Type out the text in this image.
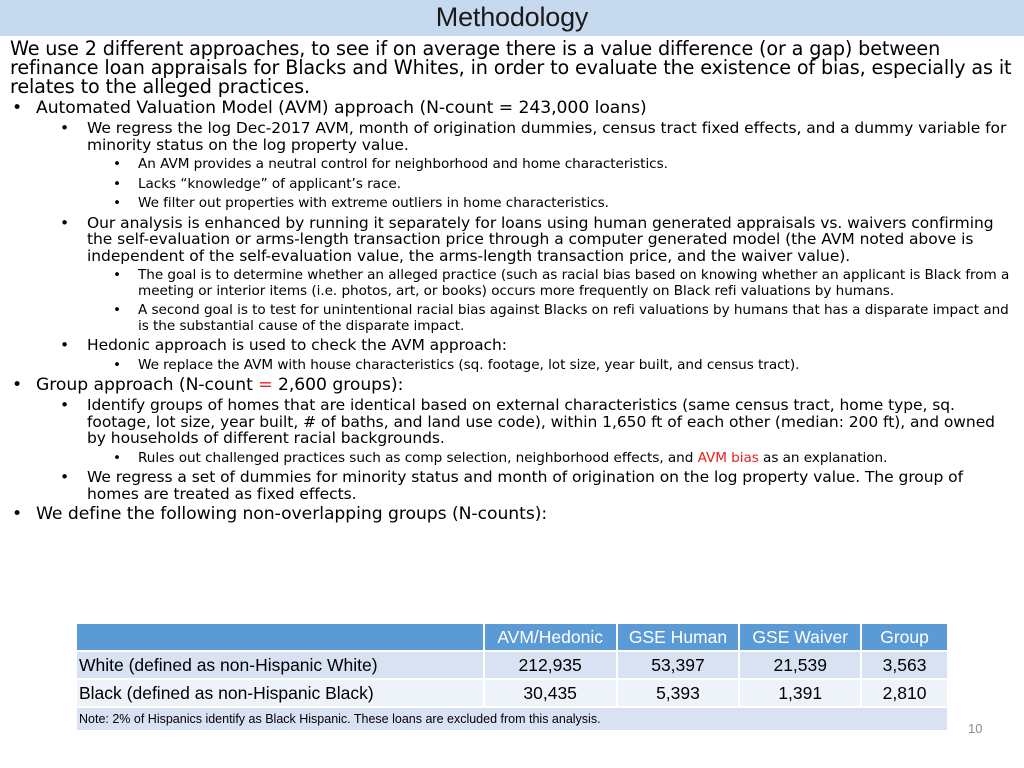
Methodology

We use 2 different approaches, to see if on average there is a value difference (or a gap) between refinance loan appraisals for Blacks and Whites, in order to evaluate the existence of bias, especially as it relates to the alleged practices.

• Automated Valuation Model (AVM) approach (N-count = 243,000 loans)
• We regress the log Dec-2017 AVM, month of origination dummies, census tract fixed effects, and a dummy variable for minority status on the log property value.
• An AVM provides a neutral control for neighborhood and home characteristics.
• Lacks “knowledge” of applicant’s race.
• We filter out properties with extreme outliers in home characteristics.
• Our analysis is enhanced by running it separately for loans using human generated appraisals vs. waivers confirming the self-evaluation or arms-length transaction price through a computer generated model (the AVM noted above is independent of the self-evaluation value, the arms-length transaction price, and the waiver value).
• The goal is to determine whether an alleged practice (such as racial bias based on knowing whether an applicant is Black from a meeting or interior items (i.e. photos, art, or books) occurs more frequently on Black refi valuations by humans.
• A second goal is to test for unintentional racial bias against Blacks on refi valuations by humans that has a disparate impact and is the substantial cause of the disparate impact.
• Hedonic approach is used to check the AVM approach:
• We replace the AVM with house characteristics (sq. footage, lot size, year built, and census tract).
• Group approach (N-count = 2,600 groups):
• Identify groups of homes that are identical based on external characteristics (same census tract, home type, sq. footage, lot size, year built, # of baths, and land use code), within 1,650 ft of each other (median: 200 ft), and owned by households of different racial backgrounds.
• Rules out challenged practices such as comp selection, neighborhood effects, and AVM bias as an explanation.
• We regress a set of dummies for minority status and month of origination on the log property value. The group of homes are treated as fixed effects.
• We define the following non-overlapping groups (N-counts):
	AVM/Hedonic	GSE Human	GSE Waiver	Group
White (defined as non-Hispanic White)	212,935	53,397	21,539	3,563
Black (defined as non-Hispanic Black)	30,435	5,393	1,391	2,810
Note: 2% of Hispanics identify as Black Hispanic. These loans are excluded from this analysis.				
10
